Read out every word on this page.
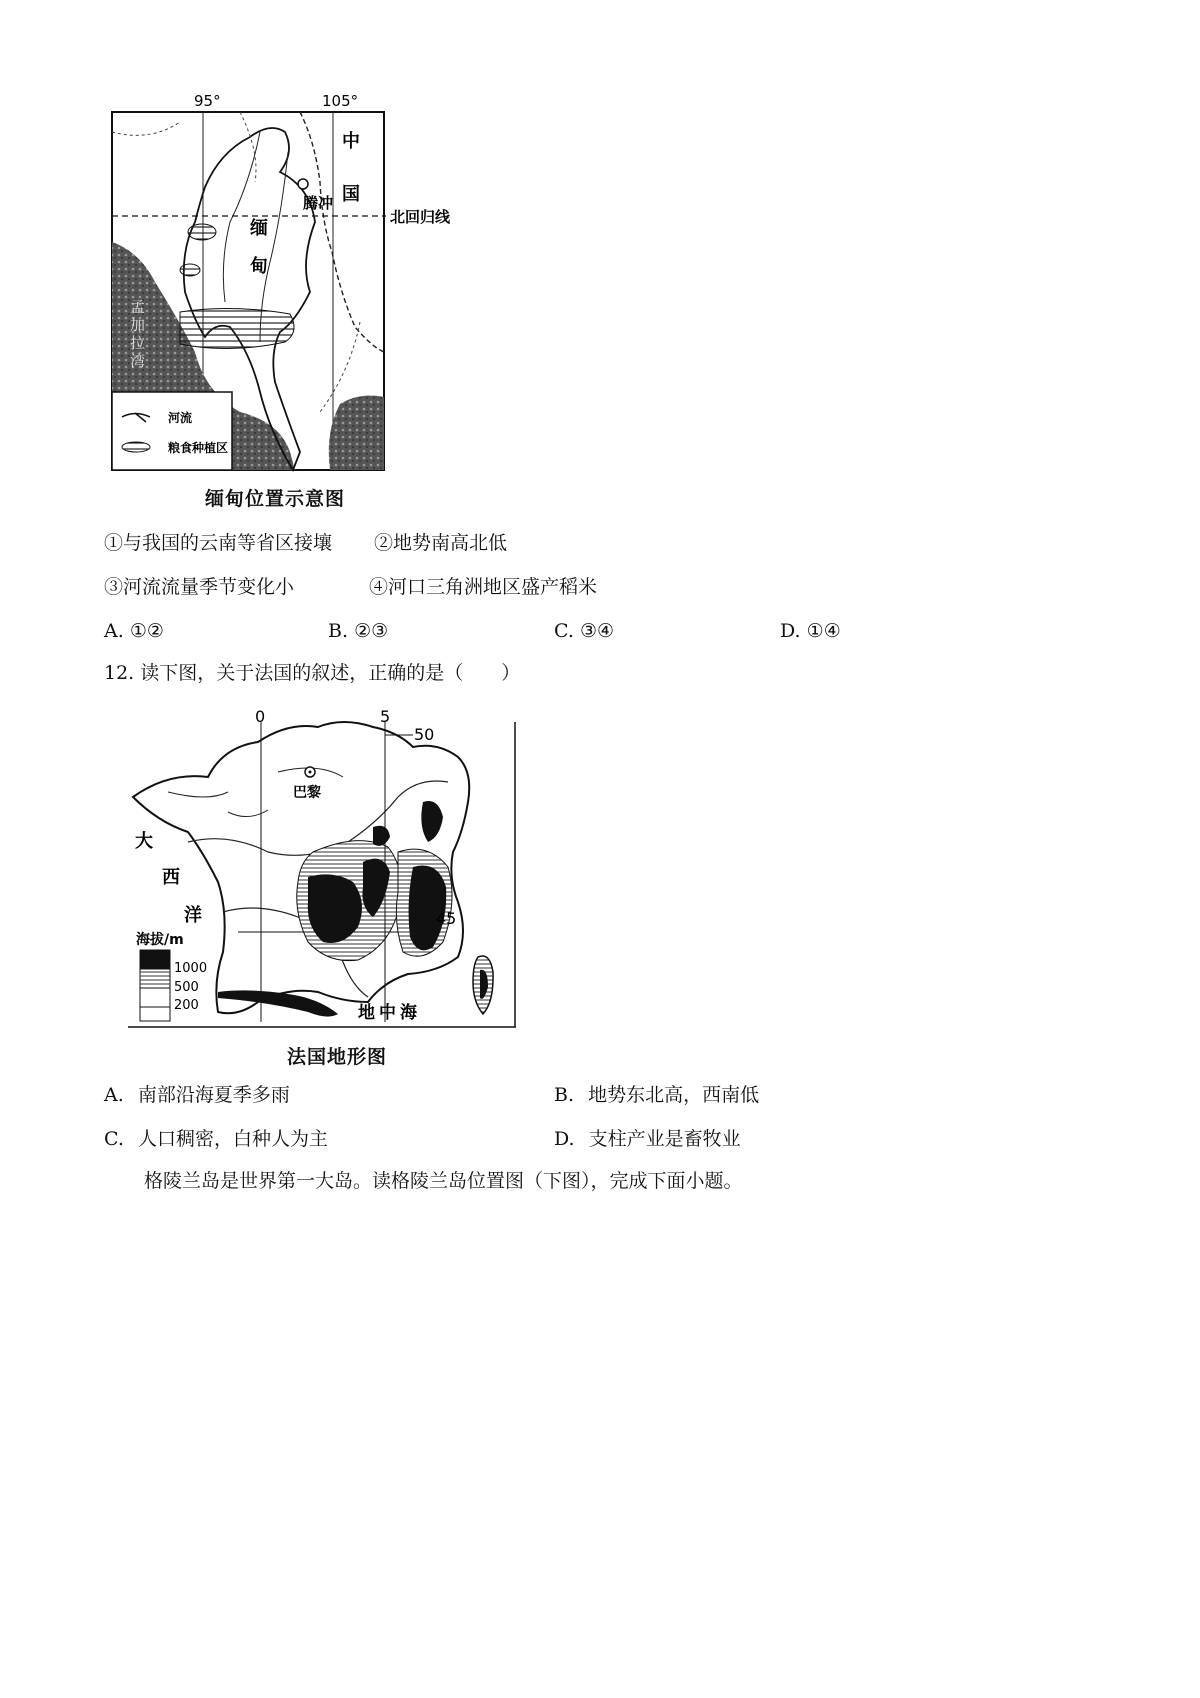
95°	105°
北回归线
中
国
腾冲
缅
甸
孟
加
拉
湾
河流
粮食种植区
缅甸位置示意图
①与我国的云南等省区接壤 ②地势南高北低
③河流流量季节变化小	④河口三角洲地区盛产稻米
A. ①②	B. ②③	C. ③④	D. ①④
12. 读下图，关于法国的叙述，正确的是（　　）
0	5
50
45
巴黎
大
西
洋
地中海
海拔/m
1000
500
200
法国地形图
A. 南部沿海夏季多雨	B. 地势东北高，西南低
C. 人口稠密，白种人为主	D. 支柱产业是畜牧业
格陵兰岛是世界第一大岛。读格陵兰岛位置图（下图），完成下面小题。
